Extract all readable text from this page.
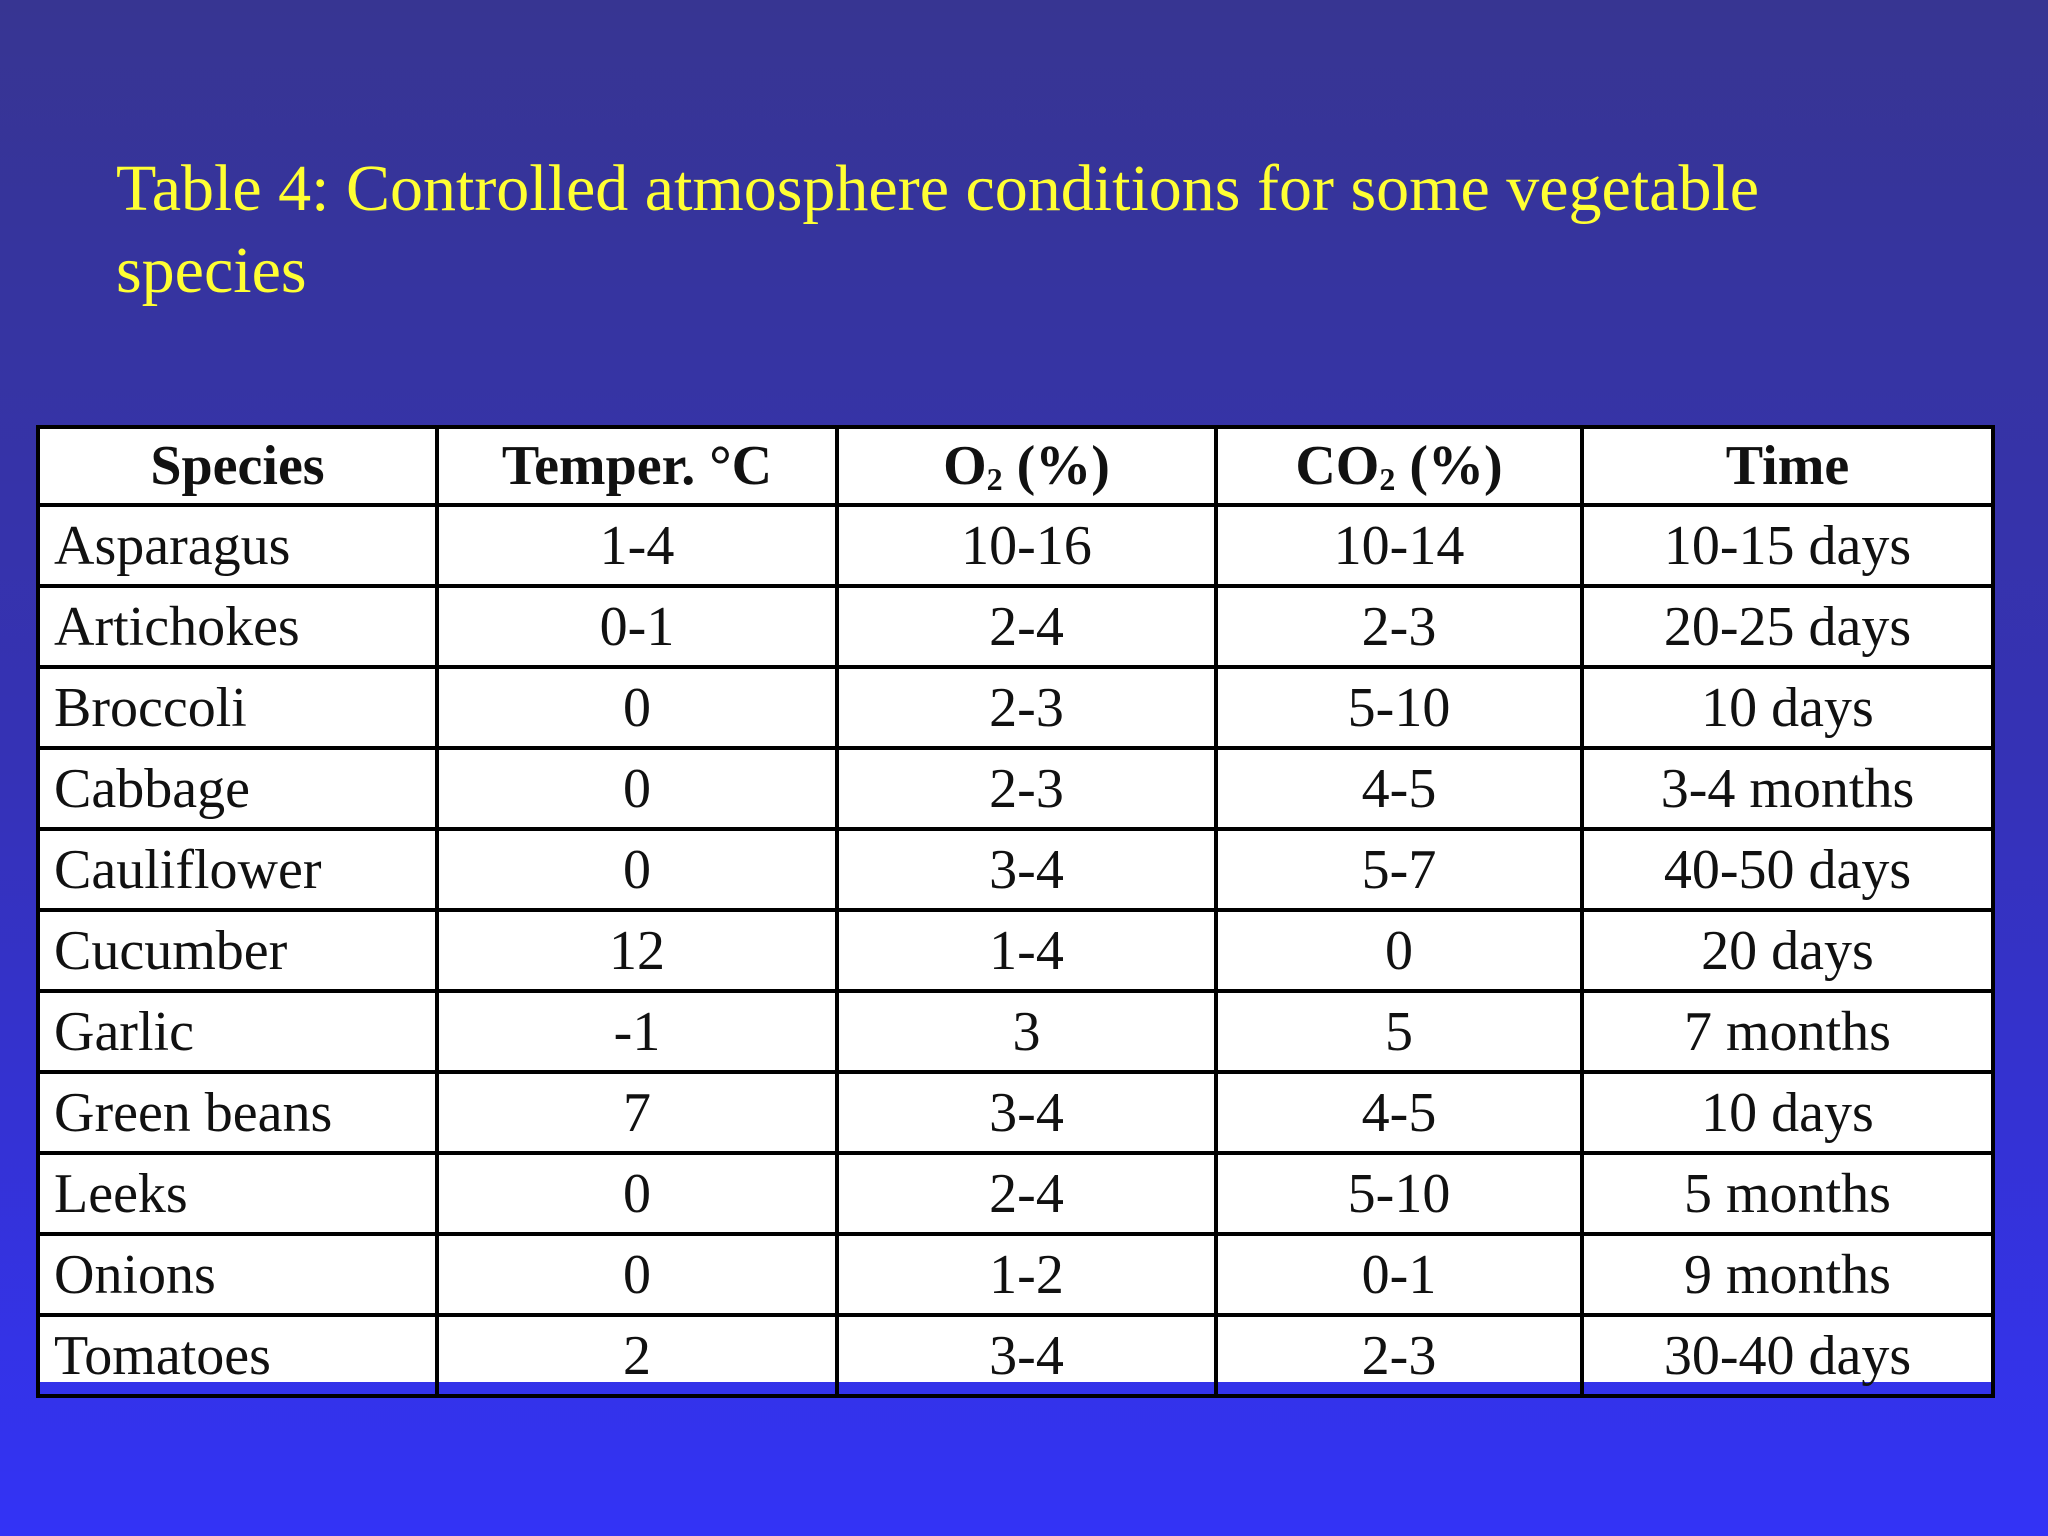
Table 4: Controlled atmosphere conditions for some vegetable species
Species	Temper. °C	$O_2$ (%)	$CO_2$ (%)	Time
Asparagus	1-4	10-16	10-14	10-15 days
Artichokes	0-1	2-4	2-3	20-25 days
Broccoli	0	2-3	5-10	10 days
Cabbage	0	2-3	4-5	3-4 months
Cauliflower	0	3-4	5-7	40-50 days
Cucumber	12	1-4	0	20 days
Garlic	-1	3	5	7 months
Green beans	7	3-4	4-5	10 days
Leeks	0	2-4	5-10	5 months
Onions	0	1-2	0-1	9 months
Tomatoes	2	3-4	2-3	30-40 days
